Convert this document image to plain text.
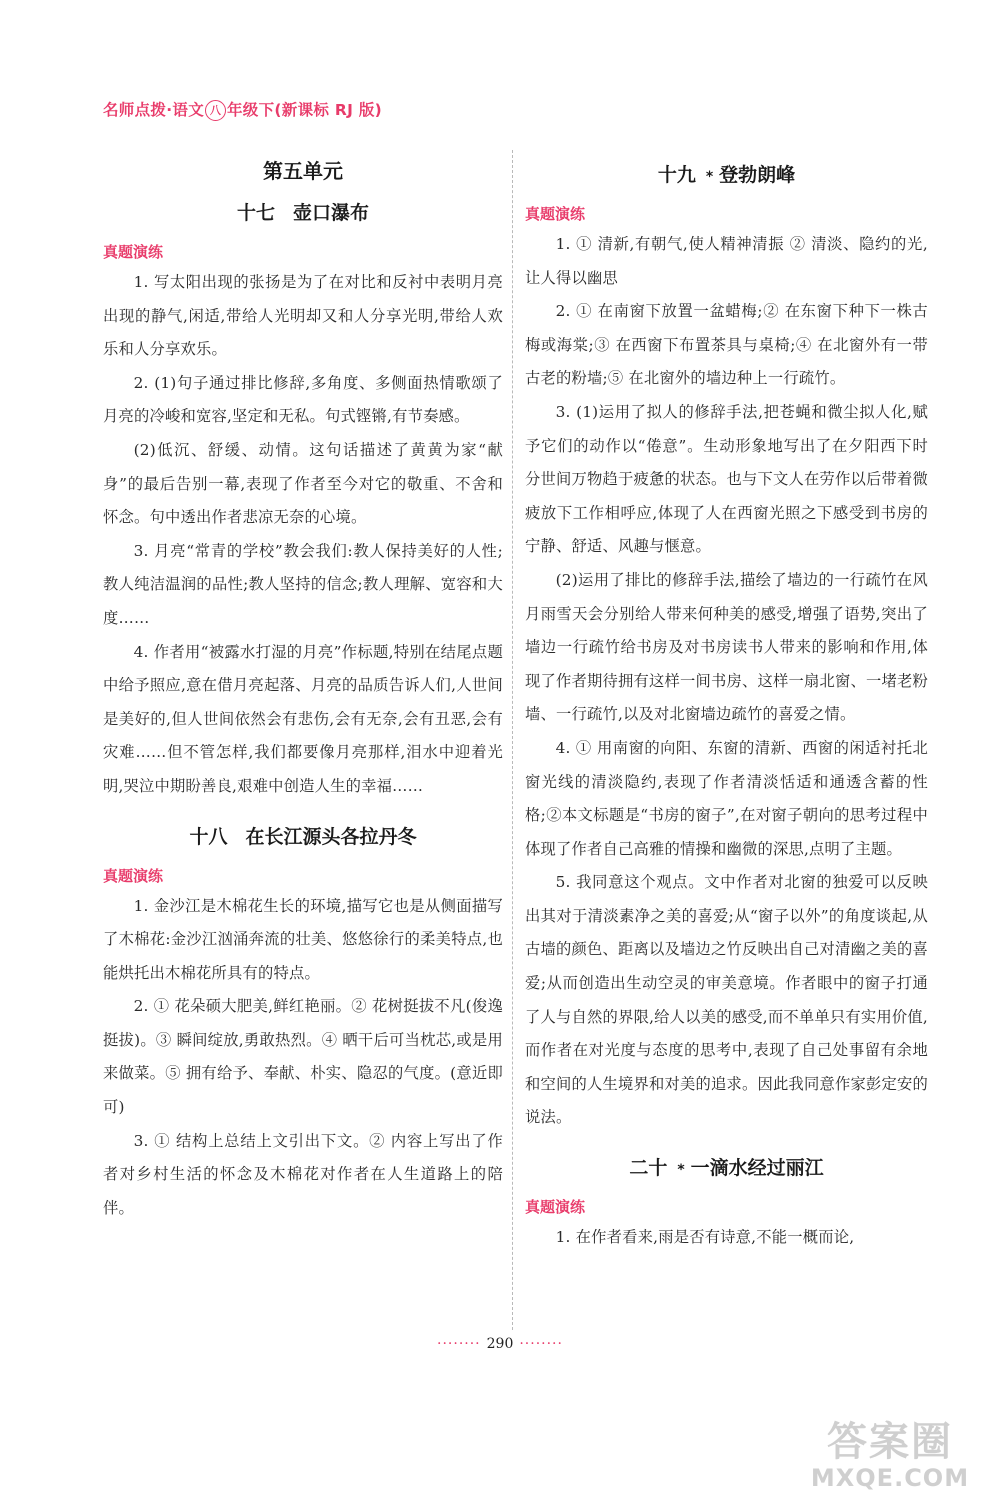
名师点拨·语文 八 年级下(新课标 RJ 版)
第五单元
十七 壶口瀑布
真题演练

1. 写太阳出现的张扬是为了在对比和反衬中表明月亮出现的静气,闲适,带给人光明却又和人分享光明,带给人欢乐和人分享欢乐。

2. (1)句子通过排比修辞,多角度、多侧面热情歌颂了月亮的冷峻和宽容,坚定和无私。句式铿锵,有节奏感。

(2)低沉、舒缓、动情。这句话描述了黄黄为家“献身”的最后告别一幕,表现了作者至今对它的敬重、不舍和怀念。句中透出作者悲凉无奈的心境。

3. 月亮“常青的学校”教会我们:教人保持美好的人性;教人纯洁温润的品性;教人坚持的信念;教人理解、宽容和大度……

4. 作者用“被露水打湿的月亮”作标题,特别在结尾点题中给予照应,意在借月亮起落、月亮的品质告诉人们,人世间是美好的,但人世间依然会有悲伤,会有无奈,会有丑恶,会有灾难……但不管怎样,我们都要像月亮那样,泪水中迎着光明,哭泣中期盼善良,艰难中创造人生的幸福……

十八 在长江源头各拉丹冬
真题演练

1. 金沙江是木棉花生长的环境,描写它也是从侧面描写了木棉花:金沙江汹涌奔流的壮美、悠悠徐行的柔美特点,也能烘托出木棉花所具有的特点。

2. ① 花朵硕大肥美,鲜红艳丽。② 花树挺拔不凡(俊逸挺拔)。③ 瞬间绽放,勇敢热烈。④ 晒干后可当枕芯,或是用来做菜。⑤ 拥有给予、奉献、朴实、隐忍的气度。(意近即可)

3. ① 结构上总结上文引出下文。② 内容上写出了作者对乡村生活的怀念及木棉花对作者在人生道路上的陪伴。

十九 * 登勃朗峰
真题演练

1. ① 清新,有朝气,使人精神清振 ② 清淡、隐约的光,让人得以幽思

2. ① 在南窗下放置一盆蜡梅;② 在东窗下种下一株古梅或海棠;③ 在西窗下布置茶具与桌椅;④ 在北窗外有一带古老的粉墙;⑤ 在北窗外的墙边种上一行疏竹。

3. (1)运用了拟人的修辞手法,把苍蝇和微尘拟人化,赋予它们的动作以“倦意”。生动形象地写出了在夕阳西下时分世间万物趋于疲惫的状态。也与下文人在劳作以后带着微疲放下工作相呼应,体现了人在西窗光照之下感受到书房的宁静、舒适、风趣与惬意。

(2)运用了排比的修辞手法,描绘了墙边的一行疏竹在风月雨雪天会分别给人带来何种美的感受,增强了语势,突出了墙边一行疏竹给书房及对书房读书人带来的影响和作用,体现了作者期待拥有这样一间书房、这样一扇北窗、一堵老粉墙、一行疏竹,以及对北窗墙边疏竹的喜爱之情。

4. ① 用南窗的向阳、东窗的清新、西窗的闲适衬托北窗光线的清淡隐约,表现了作者清淡恬适和通透含蓄的性格;②本文标题是“书房的窗子”,在对窗子朝向的思考过程中体现了作者自己高雅的情操和幽微的深思,点明了主题。

5. 我同意这个观点。文中作者对北窗的独爱可以反映出其对于清淡素净之美的喜爱;从“窗子以外”的角度谈起,从古墙的颜色、距离以及墙边之竹反映出自己对清幽之美的喜爱;从而创造出生动空灵的审美意境。作者眼中的窗子打通了人与自然的界限,给人以美的感受,而不单单只有实用价值,而作者在对光度与态度的思考中,表现了自己处事留有余地和空间的人生境界和对美的追求。因此我同意作家彭定安的说法。

二十 * 一滴水经过丽江
真题演练

1. 在作者看来,雨是否有诗意,不能一概而论,

········ 290 ········
答案圈
MXQE.COM
